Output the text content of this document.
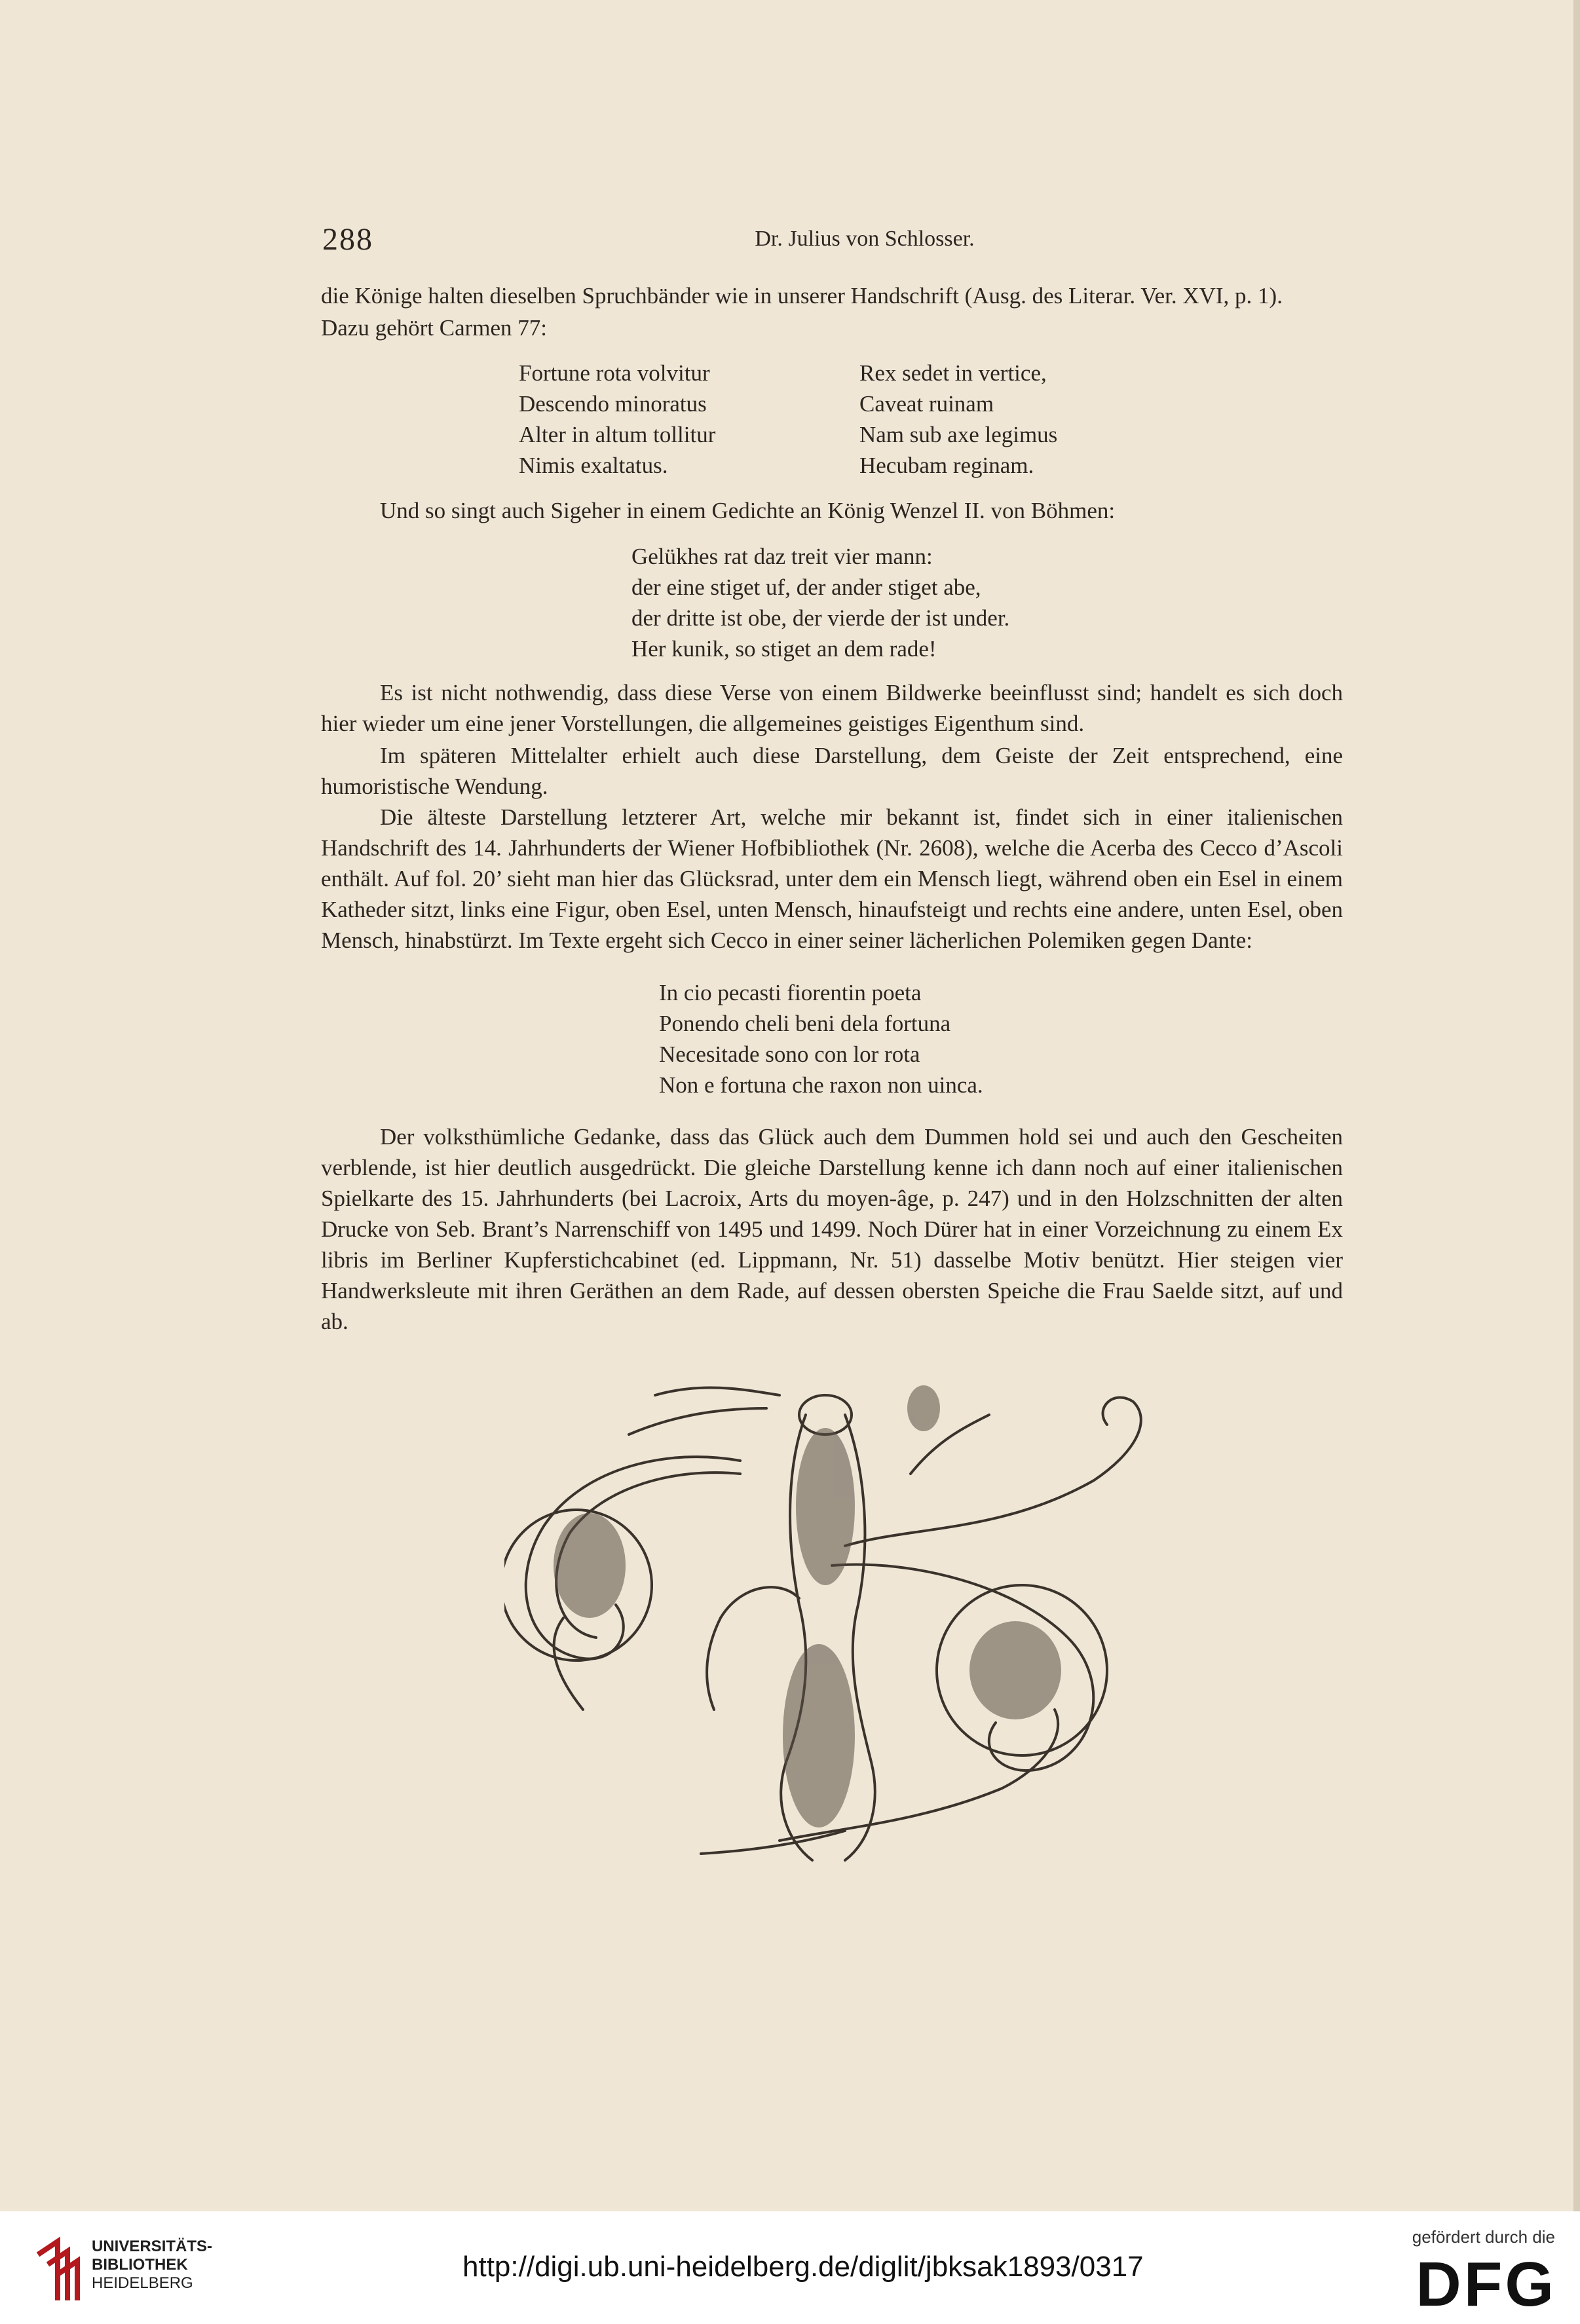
288	Dr. Julius von Schlosser.

die Könige halten dieselben Spruchbänder wie in unserer Handschrift (Ausg. des Literar. Ver. XVI, p. 1).

Dazu gehört Carmen 77:

Fortune rota volvitur
Descendo minoratus
Alter in altum tollitur
Nimis exaltatus.
Rex sedet in vertice,
Caveat ruinam
Nam sub axe legimus
Hecubam reginam.

Und so singt auch Sigeher in einem Gedichte an König Wenzel II. von Böhmen:

Gelükhes rat daz treit vier mann:
der eine stiget uf, der ander stiget abe,
der dritte ist obe, der vierde der ist under.
Her kunik, so stiget an dem rade!

Es ist nicht nothwendig, dass diese Verse von einem Bildwerke beeinflusst sind; handelt es sich doch hier wieder um eine jener Vorstellungen, die allgemeines geistiges Eigenthum sind.

Im späteren Mittelalter erhielt auch diese Darstellung, dem Geiste der Zeit entsprechend, eine humoristische Wendung.

Die älteste Darstellung letzterer Art, welche mir bekannt ist, findet sich in einer italienischen Handschrift des 14. Jahrhunderts der Wiener Hofbibliothek (Nr. 2608), welche die Acerba des Cecco d’Ascoli enthält. Auf fol. 20’ sieht man hier das Glücksrad, unter dem ein Mensch liegt, während oben ein Esel in einem Katheder sitzt, links eine Figur, oben Esel, unten Mensch, hinaufsteigt und rechts eine andere, unten Esel, oben Mensch, hinabstürzt. Im Texte ergeht sich Cecco in einer seiner lächerlichen Polemiken gegen Dante:

In cio pecasti fiorentin poeta
Ponendo cheli beni dela fortuna
Necesitade sono con lor rota
Non e fortuna che raxon non uinca.

Der volksthümliche Gedanke, dass das Glück auch dem Dummen hold sei und auch den Gescheiten verblende, ist hier deutlich ausgedrückt. Die gleiche Darstellung kenne ich dann noch auf einer italienischen Spielkarte des 15. Jahrhunderts (bei Lacroix, Arts du moyen-âge, p. 247) und in den Holzschnitten der alten Drucke von Seb. Brant’s Narrenschiff von 1495 und 1499. Noch Dürer hat in einer Vorzeichnung zu einem Ex libris im Berliner Kupferstichcabinet (ed. Lippmann, Nr. 51) dasselbe Motiv benützt. Hier steigen vier Handwerksleute mit ihren Geräthen an dem Rade, auf dessen obersten Speiche die Frau Saelde sitzt, auf und ab.

UNIVERSITÄTS-
BIBLIOTHEK
HEIDELBERG
http://digi.ub.uni-heidelberg.de/diglit/jbksak1893/0317
gefördert durch die
DFG
